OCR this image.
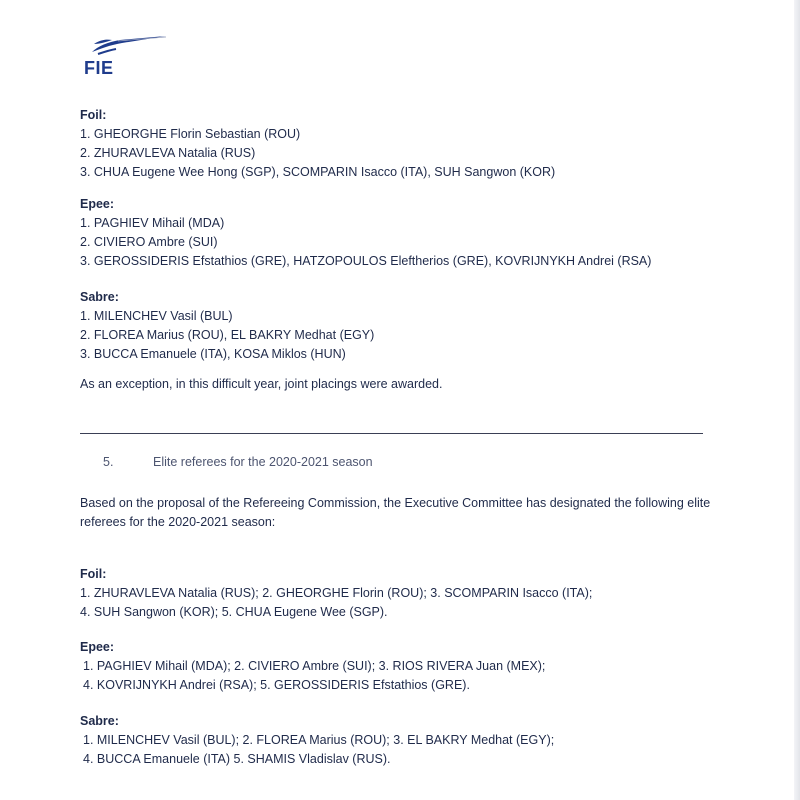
FIE
Foil:
1. GHEORGHE Florin Sebastian (ROU)
2. ZHURAVLEVA Natalia (RUS)
3. CHUA Eugene Wee Hong (SGP), SCOMPARIN Isacco (ITA), SUH Sangwon (KOR)
Epee:
1. PAGHIEV Mihail (MDA)
2. CIVIERO Ambre (SUI)
3. GEROSSIDERIS Efstathios (GRE), HATZOPOULOS Eleftherios (GRE), KOVRIJNYKH Andrei (RSA)
Sabre:
1. MILENCHEV Vasil (BUL)
2. FLOREA Marius (ROU), EL BAKRY Medhat (EGY)
3. BUCCA Emanuele (ITA), KOSA Miklos (HUN)
As an exception, in this difficult year, joint placings were awarded.
5.	Elite referees for the 2020-2021 season
Based on the proposal of the Refereeing Commission, the Executive Committee has designated the following elite referees for the 2020-2021 season:
Foil:
1. ZHURAVLEVA Natalia (RUS); 2. GHEORGHE Florin (ROU); 3. SCOMPARIN Isacco (ITA);
4. SUH Sangwon (KOR); 5. CHUA Eugene Wee (SGP).
Epee:
1. PAGHIEV Mihail (MDA); 2. CIVIERO Ambre (SUI); 3. RIOS RIVERA Juan (MEX);
4. KOVRIJNYKH Andrei (RSA); 5. GEROSSIDERIS Efstathios (GRE).
Sabre:
1. MILENCHEV Vasil (BUL); 2. FLOREA Marius (ROU); 3. EL BAKRY Medhat (EGY);
4. BUCCA Emanuele (ITA) 5. SHAMIS Vladislav (RUS).
